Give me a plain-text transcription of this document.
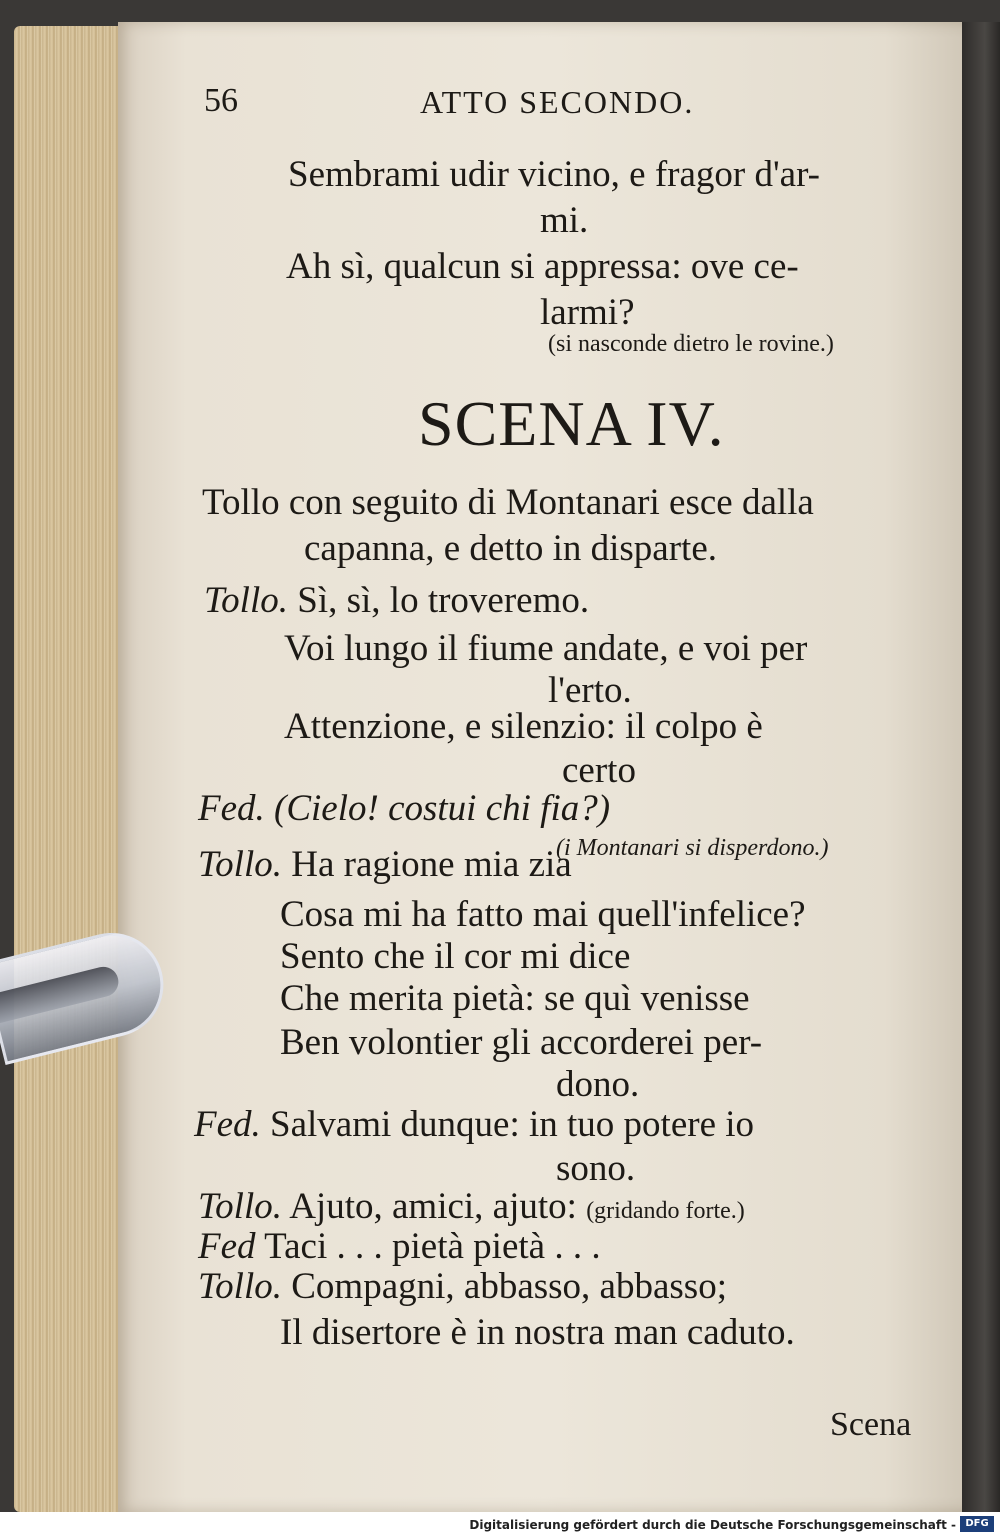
56	ATTO SECONDO.
Sembrami udir vicino, e fragor d'ar-
mi.
Ah sì, qualcun si appressa: ove ce-
larmi?
(si nasconde dietro le rovine.)
SCENA IV.
Tollo con seguito di Montanari esce dalla
capanna, e detto in disparte.
Tollo. Sì, sì, lo troveremo.
Voi lungo il fiume andate, e voi per
l'erto.
Attenzione, e silenzio: il colpo è
certo
Fed. (Cielo! costui chi fia?)
(i Montanari si disperdono.)
Tollo. Ha ragione mia zia
Cosa mi ha fatto mai quell'infelice?
Sento che il cor mi dice
Che merita pietà: se quì venisse
Ben volontier gli accorderei per-
dono.
Fed. Salvami dunque: in tuo potere io
sono.
Tollo. Ajuto, amici, ajuto: (gridando forte.)
Fed Taci . . . pietà pietà . . .
Tollo. Compagni, abbasso, abbasso;
Il disertore è in nostra man caduto.
Scena
Digitalisierung gefördert durch die Deutsche Forschungsgemeinschaft - DFG
